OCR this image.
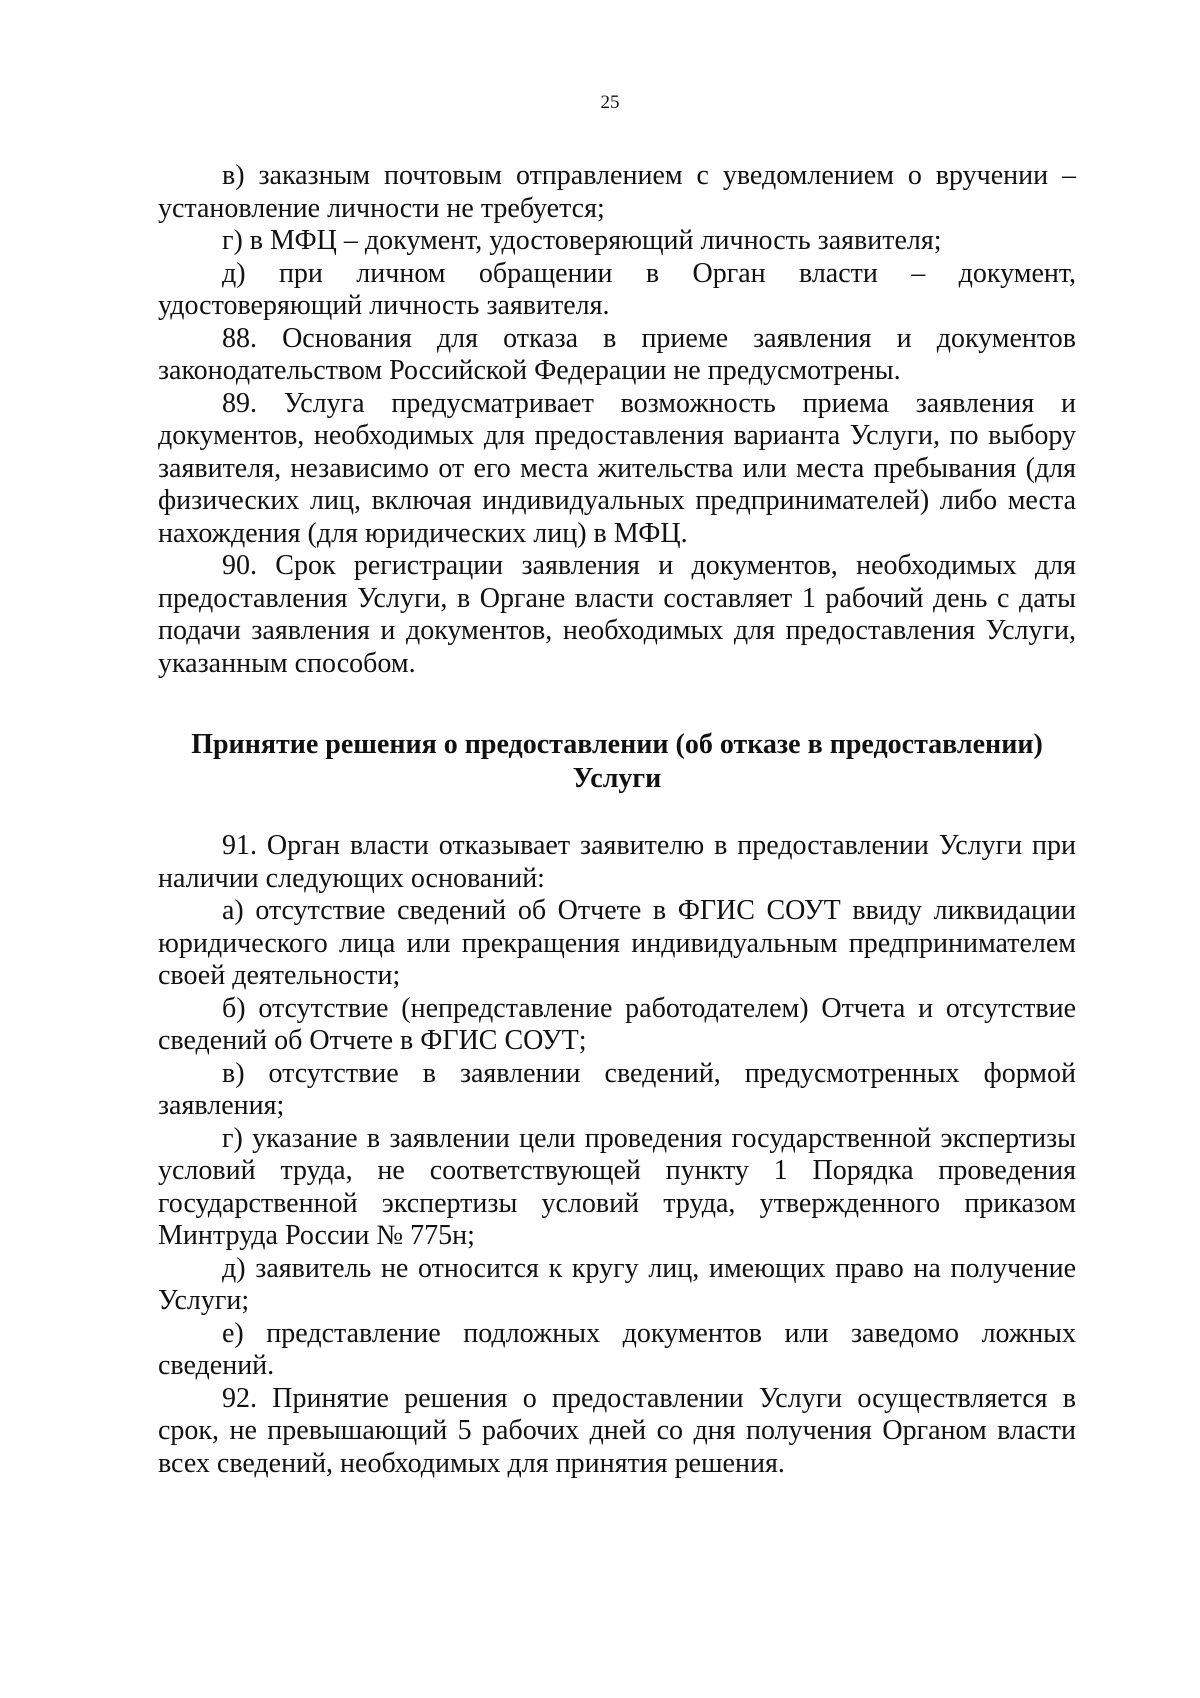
25

в) заказным почтовым отправлением с уведомлением о вручении – установление личности не требуется;

г) в МФЦ – документ, удостоверяющий личность заявителя;

д) при личном обращении в Орган власти – документ, удостоверяющий личность заявителя.

88. Основания для отказа в приеме заявления и документов законодательством Российской Федерации не предусмотрены.

89. Услуга предусматривает возможность приема заявления и документов, необходимых для предоставления варианта Услуги, по выбору заявителя, независимо от его места жительства или места пребывания (для физических лиц, включая индивидуальных предпринимателей) либо места нахождения (для юридических лиц) в МФЦ.

90. Срок регистрации заявления и документов, необходимых для предоставления Услуги, в Органе власти составляет 1 рабочий день с даты подачи заявления и документов, необходимых для предоставления Услуги, указанным способом.

Принятие решения о предоставлении (об отказе в предоставлении) Услуги

91. Орган власти отказывает заявителю в предоставлении Услуги при наличии следующих оснований:

а) отсутствие сведений об Отчете в ФГИС СОУТ ввиду ликвидации юридического лица или прекращения индивидуальным предпринимателем своей деятельности;

б) отсутствие (непредставление работодателем) Отчета и отсутствие сведений об Отчете в ФГИС СОУТ;

в) отсутствие в заявлении сведений, предусмотренных формой заявления;

г) указание в заявлении цели проведения государственной экспертизы условий труда, не соответствующей пункту 1 Порядка проведения государственной экспертизы условий труда, утвержденного приказом Минтруда России № 775н;

д) заявитель не относится к кругу лиц, имеющих право на получение Услуги;

е) представление подложных документов или заведомо ложных сведений.

92. Принятие решения о предоставлении Услуги осуществляется в срок, не превышающий 5 рабочих дней со дня получения Органом власти всех сведений, необходимых для принятия решения.
